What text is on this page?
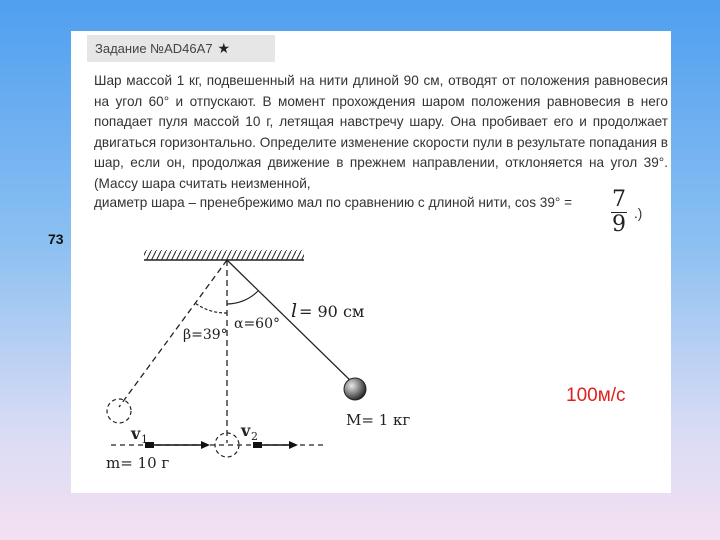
73
Задание №AD46A7 ★

Шар массой 1 кг, подвешенный на нити длиной 90 см, отводят от положения равновесия на угол 60° и отпускают. В момент прохождения шаром положения равновесия в него попадает пуля массой 10 г, летящая навстречу шару. Она пробивает его и продолжает двигаться горизонтально. Определите изменение скорости пули в результате попадания в шар, если он, продолжая движение в прежнем направлении, отклоняется на угол 39°. (Массу шара считать неизменной,

диаметр шара – пренебрежимо мал по сравнению с длиной нити, cos 39° = 7
9 .)
l = 90 см
α=60°
β=39°
M= 1 кг
m= 10 г
v 1	v 2
100м/с
